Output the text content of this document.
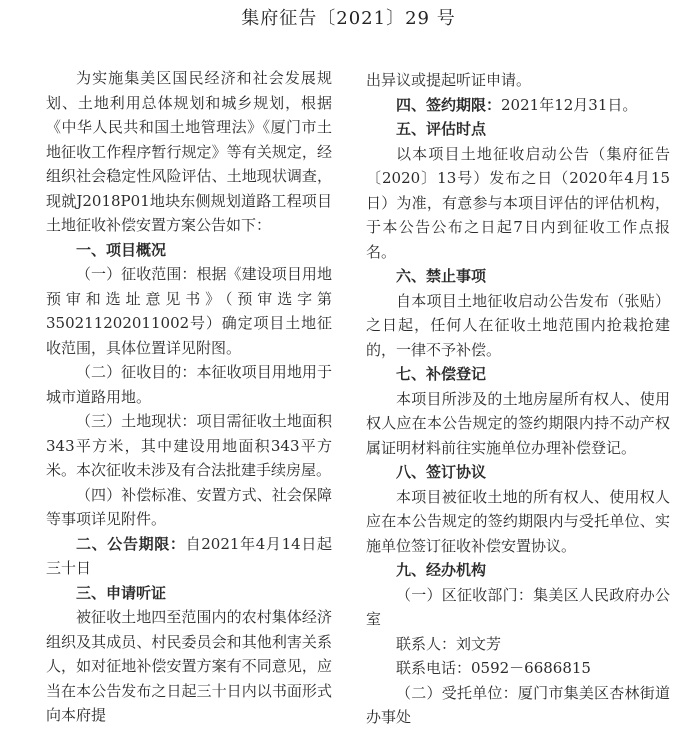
集府征告〔2021〕29 号

为实施集美区国民经济和社会发展规划、土地利用总体规划和城乡规划，根据《中华人民共和国土地管理法》《厦门市土地征收工作程序暂行规定》等有关规定，经组织社会稳定性风险评估、土地现状调查，现就J2018P01地块东侧规划道路工程项目土地征收补偿安置方案公告如下：

一、项目概况

（一）征收范围：根据《建设项目用地预审和选址意见书》（预审选字第350211202011002号）确定项目土地征收范围，具体位置详见附图。

（二）征收目的：本征收项目用地用于城市道路用地。

（三）土地现状：项目需征收土地面积343平方米，其中建设用地面积343平方米。本次征收未涉及有合法批建手续房屋。

（四）补偿标准、安置方式、社会保障等事项详见附件。

二、公告期限：自2021年4月14日起三十日

三、申请听证

被征收土地四至范围内的农村集体经济组织及其成员、村民委员会和其他利害关系人，如对征地补偿安置方案有不同意见，应当在本公告发布之日起三十日内以书面形式向本府提

出异议或提起听证申请。

四、签约期限：2021年12月31日。

五、评估时点

以本项目土地征收启动公告（集府征告〔2020〕13号）发布之日（2020年4月15日）为准，有意参与本项目评估的评估机构，于本公告公布之日起7日内到征收工作点报名。

六、禁止事项

自本项目土地征收启动公告发布（张贴）之日起，任何人在征收土地范围内抢栽抢建的，一律不予补偿。

七、补偿登记

本项目所涉及的土地房屋所有权人、使用权人应在本公告规定的签约期限内持不动产权属证明材料前往实施单位办理补偿登记。

八、签订协议

本项目被征收土地的所有权人、使用权人应在本公告规定的签约期限内与受托单位、实施单位签订征收补偿安置协议。

九、经办机构

（一）区征收部门：集美区人民政府办公室

联系人：刘文芳

联系电话：0592－6686815

（二）受托单位：厦门市集美区杏林街道办事处
